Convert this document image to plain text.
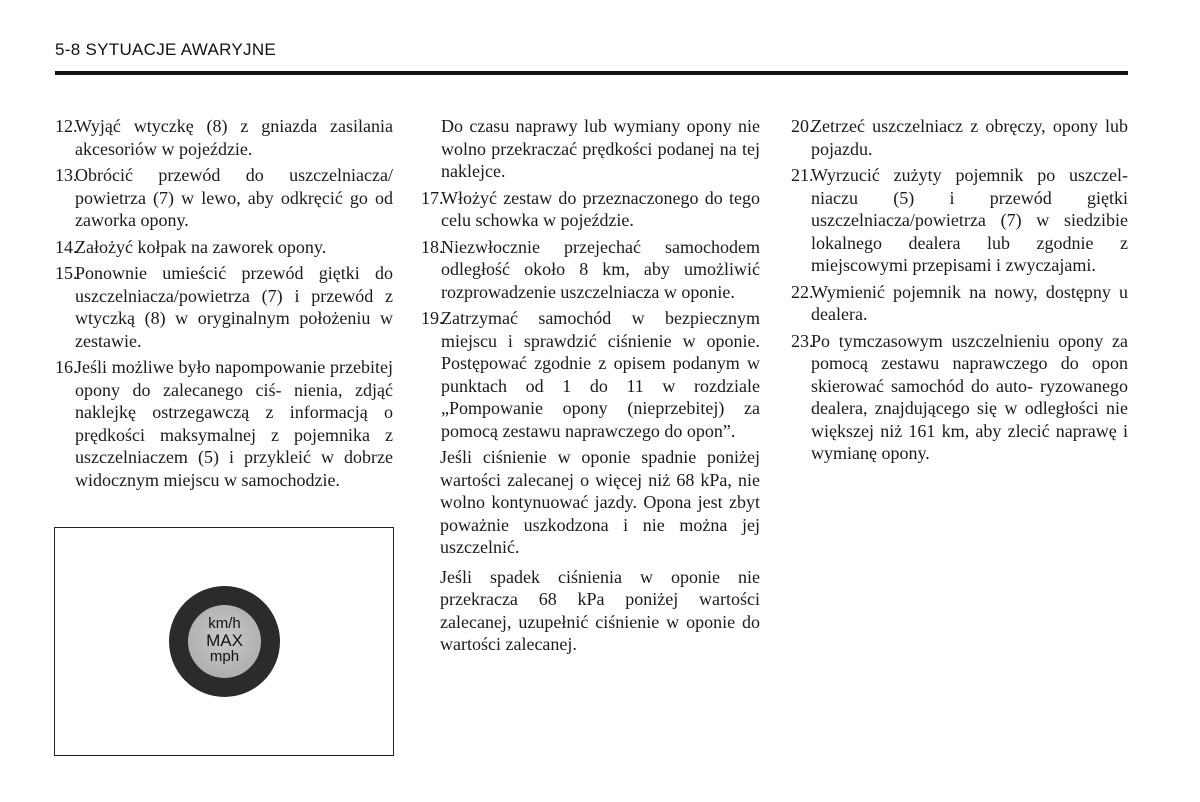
5-8 SYTUACJE AWARYJNE
12.
Wyjąć wtyczkę (8) z gniazda zasilania akcesoriów w pojeździe.
13.
Obrócić przewód do uszczelniacza/ powietrza (7) w lewo, aby odkręcić go od zaworka opony.
14.
Założyć kołpak na zaworek opony.
15.
Ponownie umieścić przewód giętki do uszczelniacza/powietrza (7) i przewód z wtyczką (8) w oryginalnym położeniu w zestawie.
16.
Jeśli możliwe było napompowanie przebitej opony do zalecanego ciś- nienia, zdjąć naklejkę ostrzegawczą z informacją o prędkości maksymalnej z pojemnika z uszczelniaczem (5) i przykleić w dobrze widocznym miejscu w samochodzie.
km/h
MAX
mph
Do czasu naprawy lub wymiany opony nie wolno przekraczać prędkości podanej na tej naklejce.
17.
Włożyć zestaw do przeznaczonego do tego celu schowka w pojeździe.
18.
Niezwłocznie przejechać samochodem odległość około 8 km, aby umożliwić rozprowadzenie uszczelniacza w oponie.
19.
Zatrzymać samochód w bezpiecznym miejscu i sprawdzić ciśnienie w oponie. Postępować zgodnie z opisem podanym w punktach od 1 do 11 w rozdziale „Pompowanie opony (nieprzebitej) za pomocą zestawu naprawczego do opon”.
Jeśli ciśnienie w oponie spadnie poniżej wartości zalecanej o więcej niż 68 kPa, nie wolno kontynuować jazdy. Opona jest zbyt poważnie uszkodzona i nie można jej uszczelnić.
Jeśli spadek ciśnienia w oponie nie przekracza 68 kPa poniżej wartości zalecanej, uzupełnić ciśnienie w oponie do wartości zalecanej.
20.
Zetrzeć uszczelniacz z obręczy, opony lub pojazdu.
21.
Wyrzucić zużyty pojemnik po uszczel- niaczu (5) i przewód giętki uszczelniacza/powietrza (7) w siedzibie lokalnego dealera lub zgodnie z miejscowymi przepisami i zwyczajami.
22.
Wymienić pojemnik na nowy, dostępny u dealera.
23.
Po tymczasowym uszczelnieniu opony za pomocą zestawu naprawczego do opon skierować samochód do auto- ryzowanego dealera, znajdującego się w odległości nie większej niż 161 km, aby zlecić naprawę i wymianę opony.
